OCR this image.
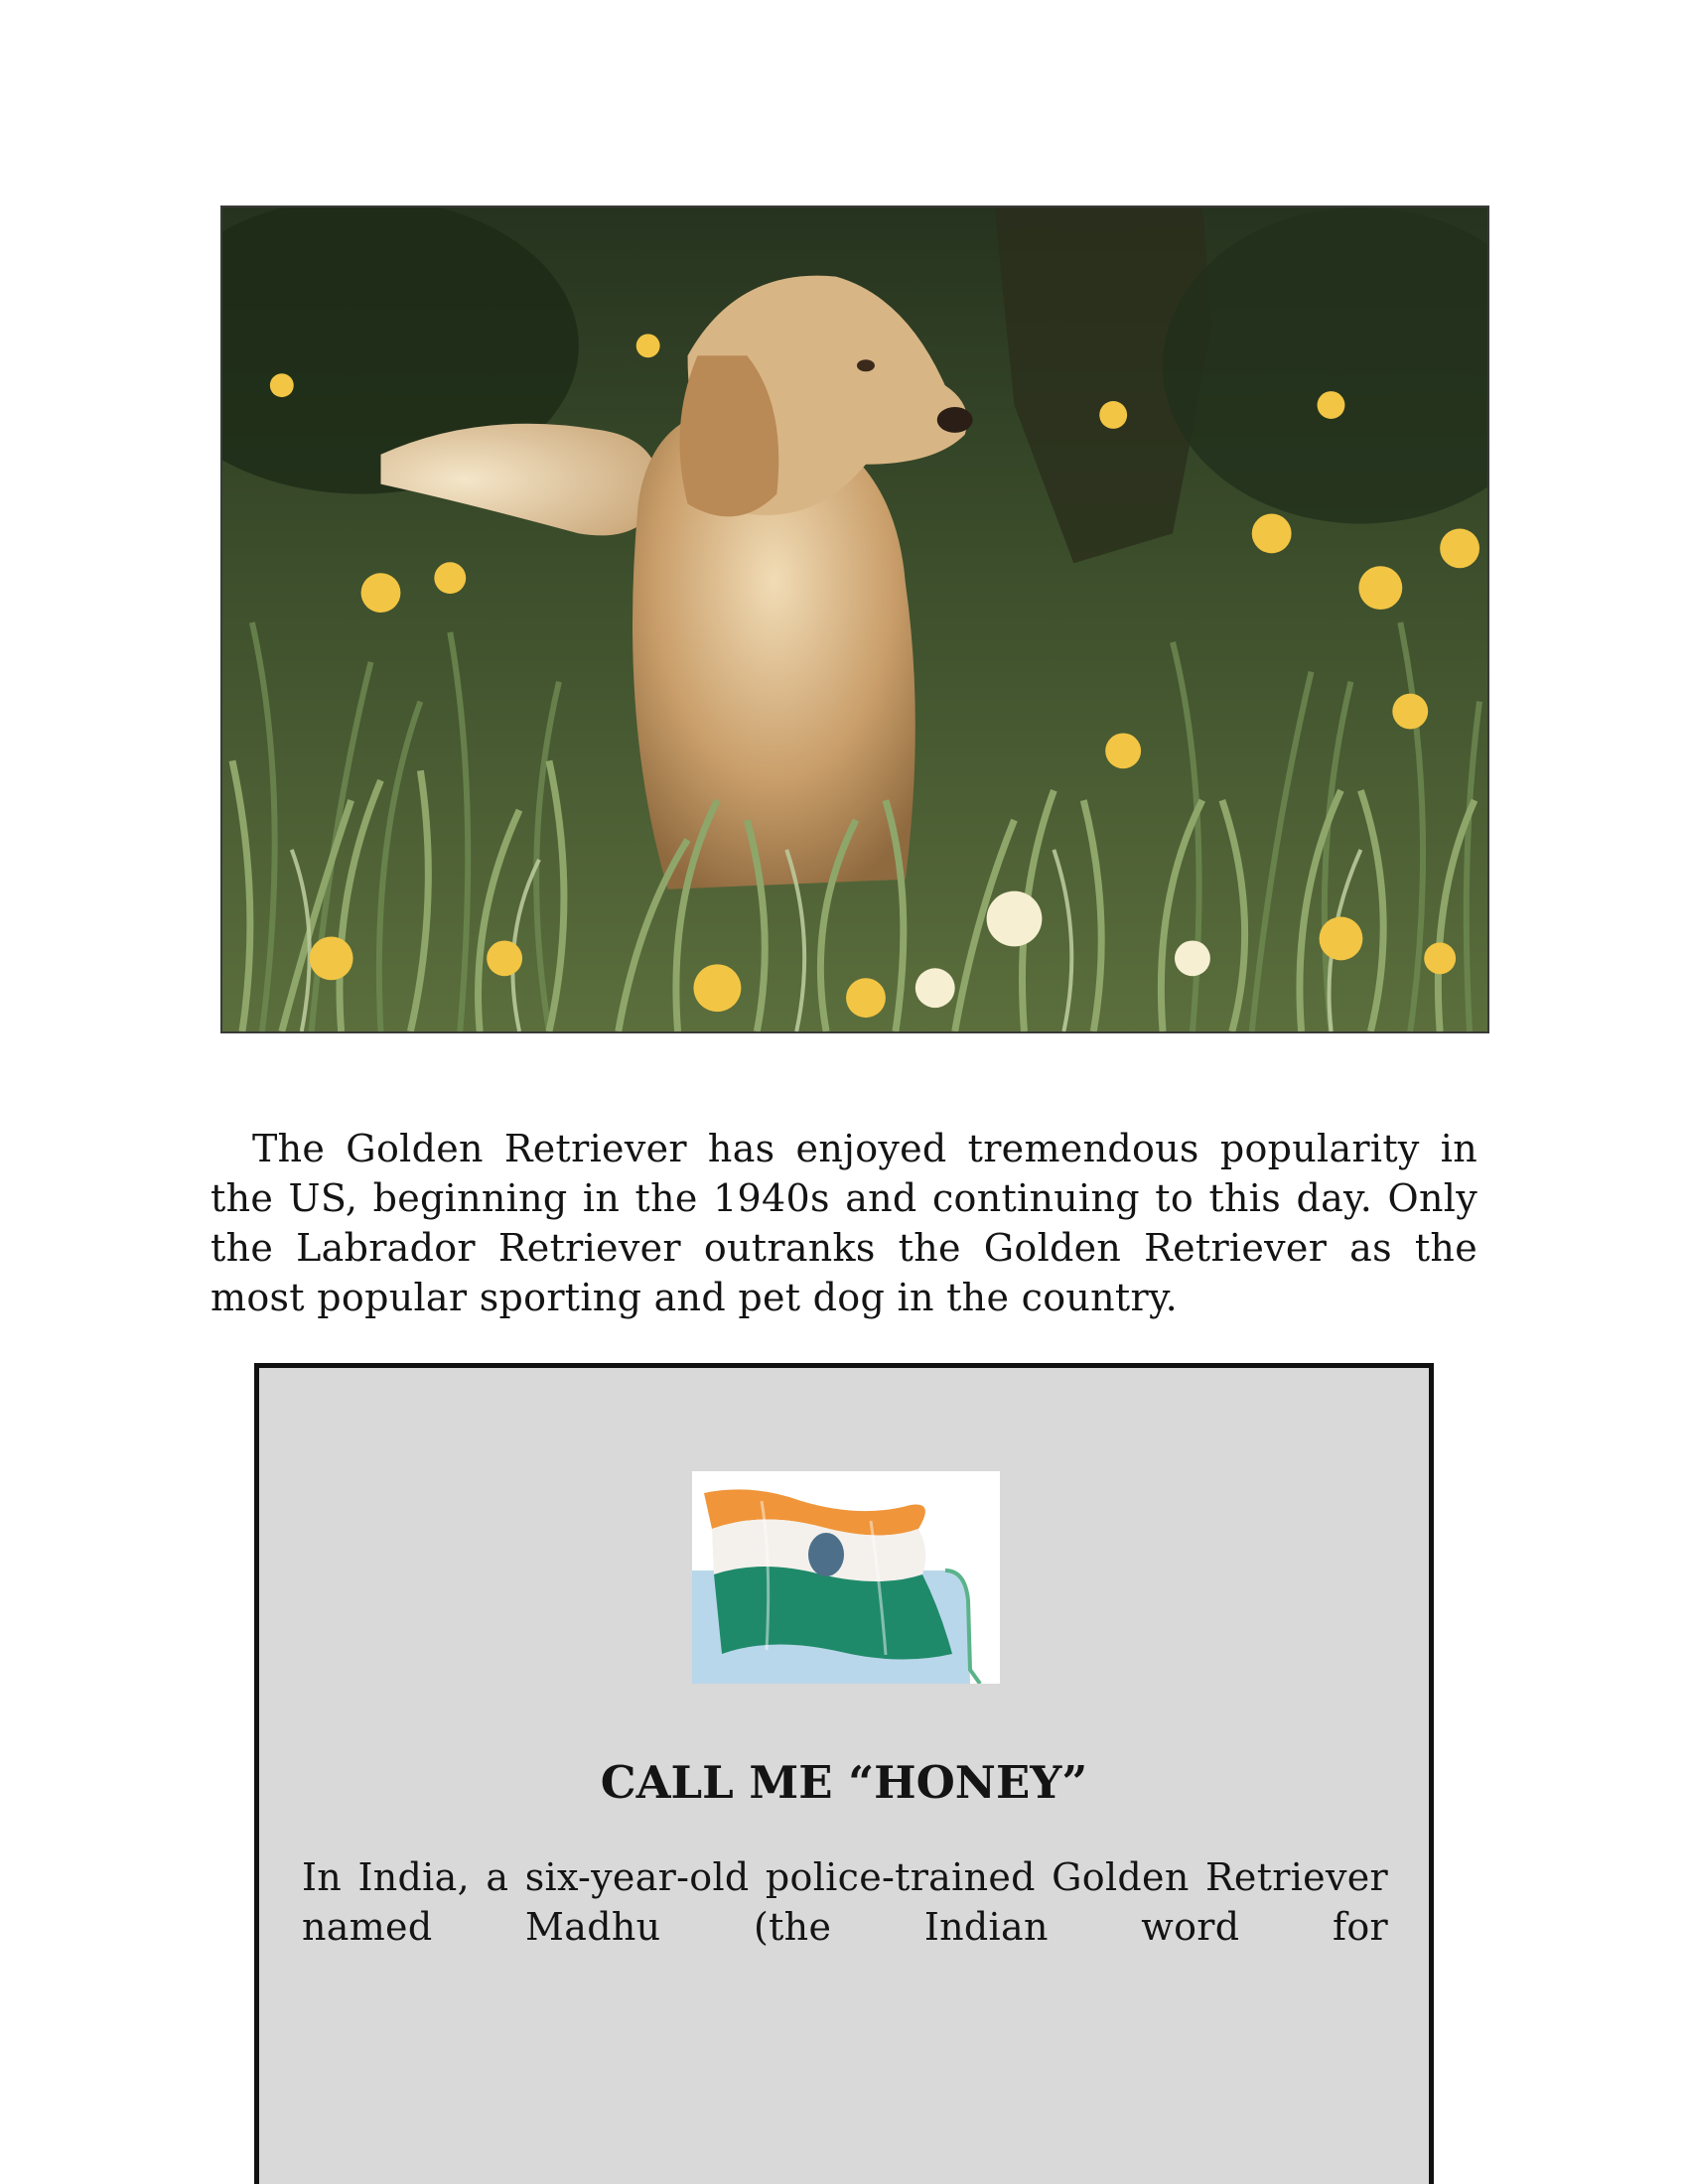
The Golden Retriever has enjoyed tremendous popularity in the US, beginning in the 1940s and continuing to this day. Only the Labrador Retriever outranks the Golden Retriever as the most popular sporting and pet dog in the country.

CALL ME “HONEY”

In India, a six-year-old police-trained Golden Retriever named Madhu (the Indian word for
